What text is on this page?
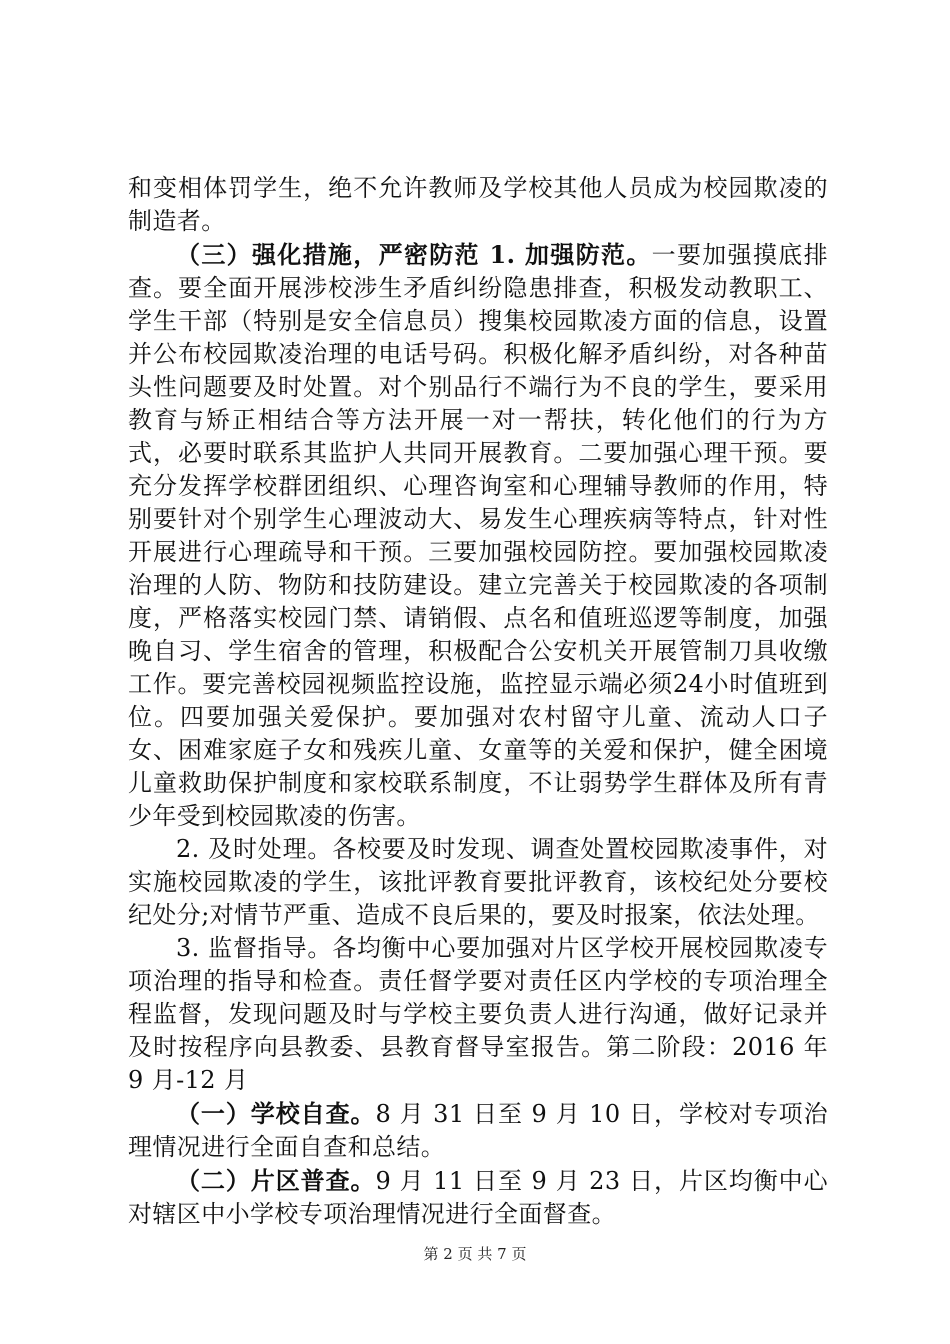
和变相体罚学生，绝不允许教师及学校其他人员成为校园欺凌的制造者。

（三）强化措施，严密防范 1. 加强防范。一要加强摸底排查。要全面开展涉校涉生矛盾纠纷隐患排查，积极发动教职工、学生干部（特别是安全信息员）搜集校园欺凌方面的信息，设置并公布校园欺凌治理的电话号码。积极化解矛盾纠纷，对各种苗头性问题要及时处置。对个别品行不端行为不良的学生，要采用教育与矫正相结合等方法开展一对一帮扶，转化他们的行为方式，必要时联系其监护人共同开展教育。二要加强心理干预。要充分发挥学校群团组织、心理咨询室和心理辅导教师的作用，特别要针对个别学生心理波动大、易发生心理疾病等特点，针对性开展进行心理疏导和干预。三要加强校园防控。要加强校园欺凌治理的人防、物防和技防建设。建立完善关于校园欺凌的各项制度，严格落实校园门禁、请销假、点名和值班巡逻等制度，加强晚自习、学生宿舍的管理，积极配合公安机关开展管制刀具收缴工作。要完善校园视频监控设施，监控显示端必须24小时值班到位。四要加强关爱保护。要加强对农村留守儿童、流动人口子女、困难家庭子女和残疾儿童、女童等的关爱和保护，健全困境儿童救助保护制度和家校联系制度，不让弱势学生群体及所有青少年受到校园欺凌的伤害。

2. 及时处理。各校要及时发现、调查处置校园欺凌事件，对实施校园欺凌的学生，该批评教育要批评教育，该校纪处分要校纪处分;对情节严重、造成不良后果的，要及时报案，依法处理。

3. 监督指导。各均衡中心要加强对片区学校开展校园欺凌专项治理的指导和检查。责任督学要对责任区内学校的专项治理全程监督，发现问题及时与学校主要负责人进行沟通，做好记录并及时按程序向县教委、县教育督导室报告。第二阶段：2016 年 9 月-12 月

（一）学校自查。8 月 31 日至 9 月 10 日，学校对专项治理情况进行全面自查和总结。

（二）片区普查。9 月 11 日至 9 月 23 日，片区均衡中心对辖区中小学校专项治理情况进行全面督查。

第 2 页 共 7 页
